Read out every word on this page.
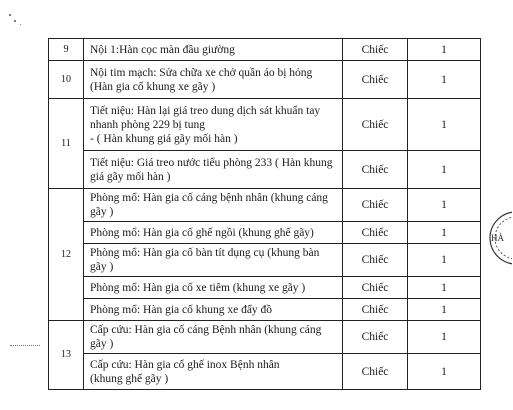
9	Nội 1:Hàn cọc màn đầu giường	Chiếc	1
10	Nội tim mạch: Sửa chữa xe chở quần áo bị hỏng (Hàn gia cố khung xe gãy )	Chiếc	1
11	Tiết niệu: Hàn lại giá treo dung dịch sát khuẩn tay nhanh phòng 229 bị tung
- ( Hàn khung giá gãy mối hàn )	Chiếc	1
	Tiết niệu: Giá treo nước tiểu phòng 233 ( Hàn khung giá gãy mối hàn )	Chiếc	1
12	Phòng mổ: Hàn gia cố cáng bệnh nhân (khung cáng gãy )	Chiếc	1
	Phòng mổ: Hàn gia cố ghế ngồi (khung ghế gãy)	Chiếc	1
	Phòng mổ: Hàn gia cố bàn tít dụng cụ (khung bàn gãy )	Chiếc	1
	Phòng mổ: Hàn gia cố xe tiêm (khung xe gãy )	Chiếc	1
	Phòng mổ: Hàn gia cố khung xe đẩy đồ	Chiếc	1
13	Cấp cứu: Hàn gia cố cáng Bệnh nhân (khung cáng gãy )	Chiếc	1
	Cấp cứu: Hàn gia cố ghế inox Bệnh nhân
(khung ghế gãy )	Chiếc	1
HÀ
